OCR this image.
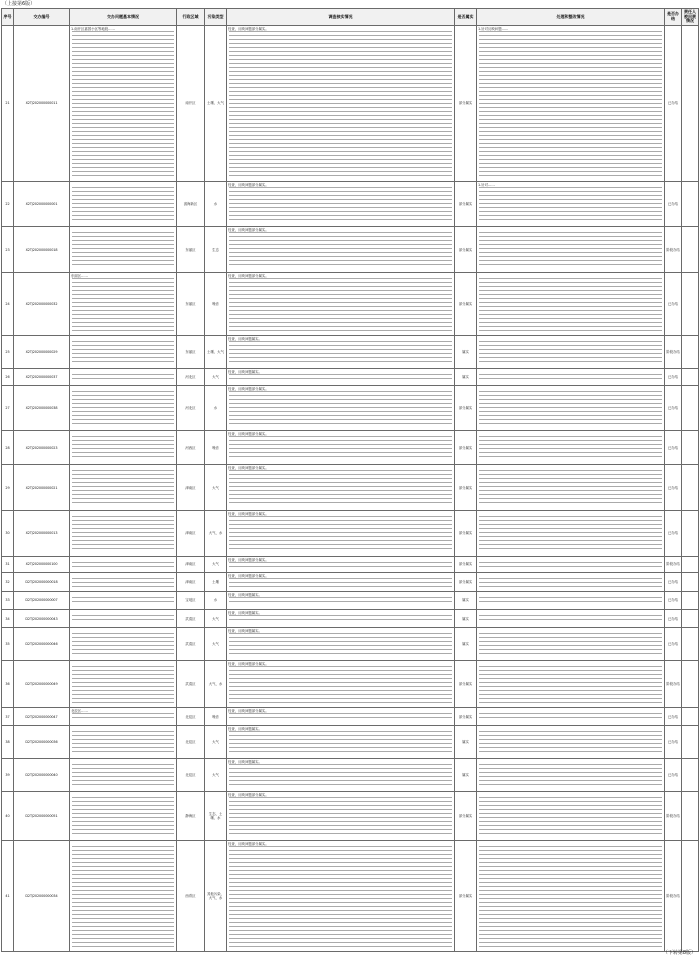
（上接第6版）
序号	交办编号	交办问题基本情况	行政区域	污染类型	调查核实情况	是否属实	处理和整改情况	是否办结	责任人被问责情况
21	X2TJ202000000011	1.南开区嘉园小区等地段……	南开区	土壤、大气	经查，反映问题部分属实。	部分属实	1.针对反映问题……	已办结	
22	X2TJ202000000001		滨海新区	水	经查，反映问题部分属实。	部分属实	1.针对……	已办结	
23	X2TJ202000000018		东丽区	生态	经查，反映问题部分属实。	部分属实		阶段办结	
24	X2TJ202000000032	东丽区……	东丽区	噪音	经查，反映问题部分属实。	部分属实		已办结	
25	X2TJ202000000029		东丽区	土壤、大气	经查，反映问题属实。	属实		阶段办结	
26	X2TJ202000000037		河北区	大气	经查，反映问题属实。	属实		已办结	
27	X2TJ202000000038		河北区	水	经查，反映问题部分属实。	部分属实		已办结	
28	X2TJ202000000023		河西区	噪音	经查，反映问题部分属实。	部分属实		已办结	
29	X2TJ202000000021		津南区	大气	经查，反映问题部分属实。	部分属实		已办结	
30	X2TJ202000000013		津南区	大气、水	经查，反映问题部分属实。	部分属实		已办结	
31	X2TJ202000000100		津南区	大气	经查，反映问题部分属实。	部分属实		阶段办结	
32	D2TJ202000000018		津南区	土壤	经查，反映问题部分属实。	部分属实		已办结	
33	D2TJ202000000007		宝坻区	水	经查，反映问题属实。	属实		已办结	
34	D2TJ202000000043		武清区	大气	经查，反映问题属实。	属实		已办结	
35	D2TJ202000000046		武清区	大气	经查，反映问题属实。	属实		已办结	
36	D2TJ202000000049		武清区	大气、水	经查，反映问题部分属实。	部分属实		阶段办结	
37	D2TJ202000000047	北辰区……	北辰区	噪音	经查，反映问题部分属实。	部分属实		已办结	
38	D2TJ202000000036		北辰区	大气	经查，反映问题属实。	属实		已办结	
39	D2TJ202000000040		北辰区	大气	经查，反映问题属实。	属实		已办结	
40	D2TJ202000000051		静海区	生态、土壤、水	经查，反映问题部分属实。	部分属实		阶段办结	
41	D2TJ202000000034		西青区	其他污染、大气、水	经查，反映问题部分属实。	部分属实		阶段办结	
（下转第8版）
